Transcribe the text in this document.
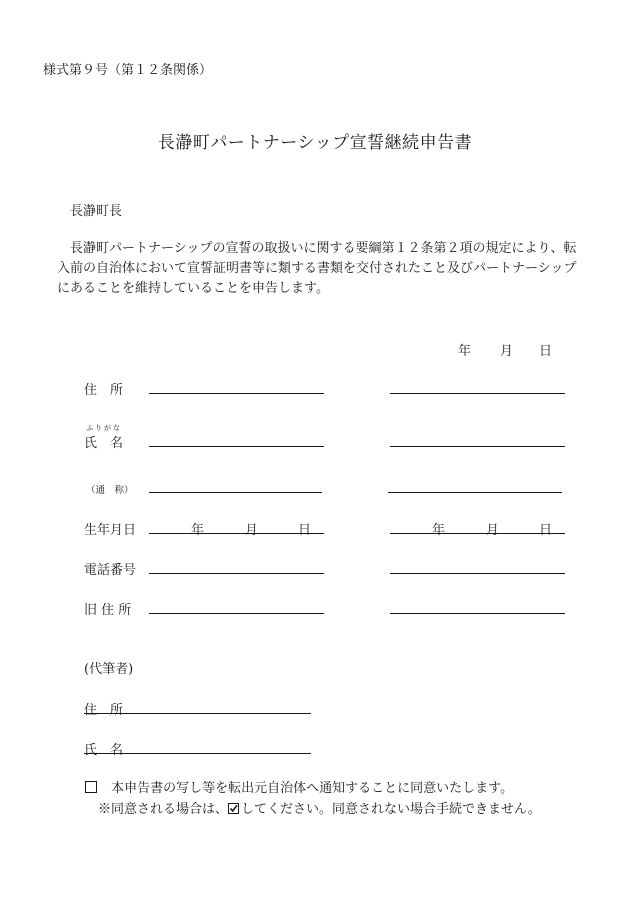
様式第９号（第１２条関係）
長瀞町パートナーシップ宣誓継続申告書
長瀞町長
長瀞町パートナーシップの宣誓の取扱いに関する要綱第１２条第２項の規定により、転入前の自治体において宣誓証明書等に類する書類を交付されたこと及びパートナーシップにあることを維持していることを申告します。
年 月 日
住　所
ふりがな
氏　名
（通　称）
生年月日	年	月	日	年	月	日
電話番号
旧 住 所
(代筆者)
住　所
氏　名
本申告書の写し等を転出元自治体へ通知することに同意いたします。
※同意される場合は、 してください。同意されない場合手続できません。
